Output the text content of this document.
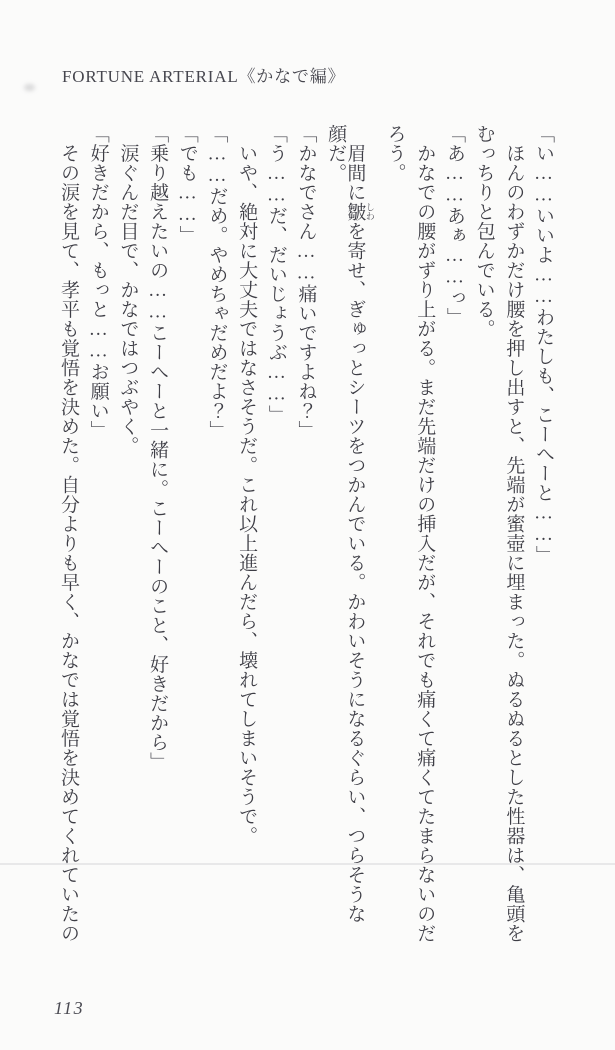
FORTUNE ARTERIAL《かなで編》
「い……いいよ……わたしも、こーへーと……」
　ほんのわずかだけ腰を押し出すと、先端が蜜壺に埋まった。ぬるぬるとした性器は、亀頭を
むっちりと包んでいる。
「あ……あぁ……っ」
　かなでの腰がずり上がる。まだ先端だけの挿入だが、それでも痛くて痛くてたまらないのだ
ろう。
　眉間に皺 しわを寄せ、ぎゅっとシーツをつかんでいる。かわいそうになるぐらい、つらそうな
顔だ。
「かなでさん……痛いですよね？」
「う……だ、だいじょうぶ……」
　いや、絶対に大丈夫ではなさそうだ。これ以上進んだら、壊れてしまいそうで。
「……だめ。やめちゃだめだよ？」
「でも……」
「乗り越えたいの……こーへーと一緒に。こーへーのこと、好きだから」
　涙ぐんだ目で、かなではつぶやく。
「好きだから、もっと……お願い」
　その涙を見て、孝平も覚悟を決めた。自分よりも早く、かなでは覚悟を決めてくれていたの
113
